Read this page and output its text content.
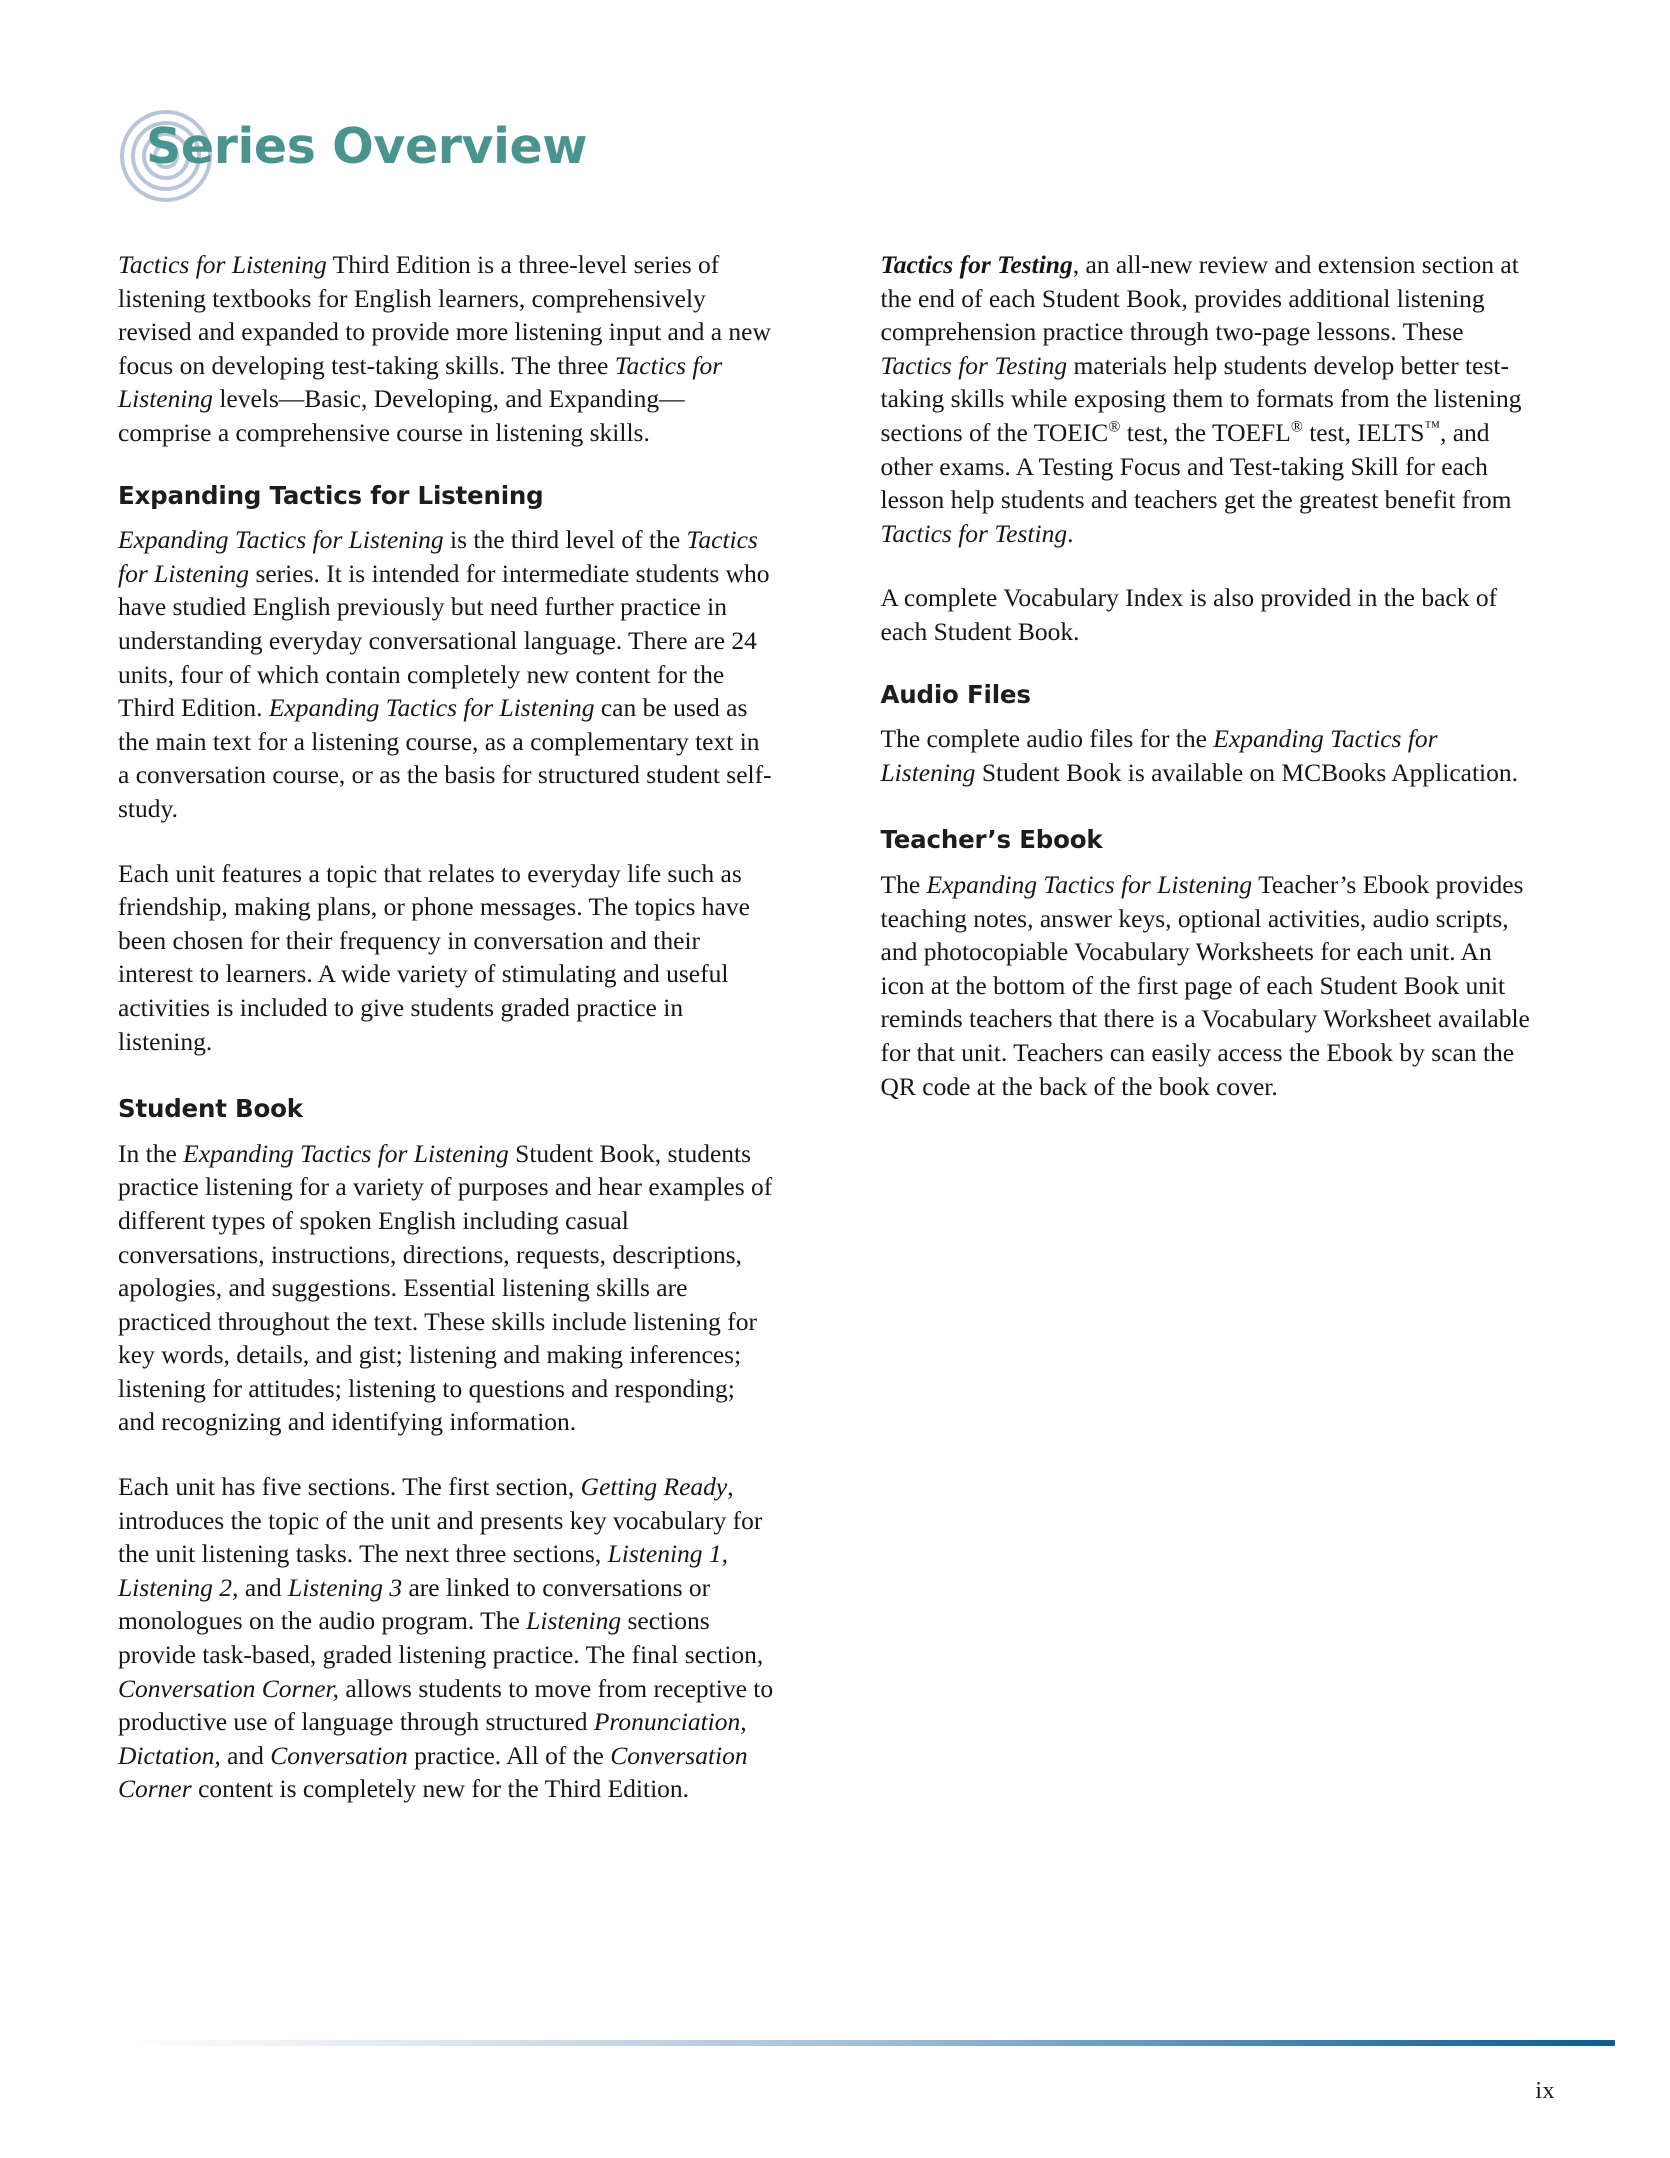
Series Overview

Tactics for Listening Third Edition is a three-level series of listening textbooks for English learners, comprehensively revised and expanded to provide more listening input and a new focus on developing test-taking skills. The three Tactics for Listening levels—Basic, Developing, and Expanding—comprise a comprehensive course in listening skills.

Expanding Tactics for Listening

Expanding Tactics for Listening is the third level of the Tactics for Listening series. It is intended for intermediate students who have studied English previously but need further practice in understanding everyday conversational language. There are 24 units, four of which contain completely new content for the Third Edition. Expanding Tactics for Listening can be used as the main text for a listening course, as a complementary text in a conversation course, or as the basis for structured student self-study.

Each unit features a topic that relates to everyday life such as friendship, making plans, or phone messages. The topics have been chosen for their frequency in conversation and their interest to learners. A wide variety of stimulating and useful activities is included to give students graded practice in listening.

Student Book

In the Expanding Tactics for Listening Student Book, students practice listening for a variety of purposes and hear examples of different types of spoken English including casual conversations, instructions, directions, requests, descriptions, apologies, and suggestions. Essential listening skills are practiced throughout the text. These skills include listening for key words, details, and gist; listening and making inferences; listening for attitudes; listening to questions and responding; and recognizing and identifying information.

Each unit has five sections. The first section, Getting Ready, introduces the topic of the unit and presents key vocabulary for the unit listening tasks. The next three sections, Listening 1, Listening 2, and Listening 3 are linked to conversations or monologues on the audio program. The Listening sections provide task-based, graded listening practice. The final section, Conversation Corner, allows students to move from receptive to productive use of language through structured Pronunciation, Dictation, and Conversation practice. All of the Conversation Corner content is completely new for the Third Edition.

Tactics for Testing, an all-new review and extension section at the end of each Student Book, provides additional listening comprehension practice through two-page lessons. These Tactics for Testing materials help students develop better test-taking skills while exposing them to formats from the listening sections of the TOEIC® test, the TOEFL® test, IELTS™, and other exams. A Testing Focus and Test-taking Skill for each lesson help students and teachers get the greatest benefit from Tactics for Testing.

A complete Vocabulary Index is also provided in the back of each Student Book.

Audio Files

The complete audio files for the Expanding Tactics for Listening Student Book is available on MCBooks Application.

Teacher’s Ebook

The Expanding Tactics for Listening Teacher’s Ebook provides teaching notes, answer keys, optional activities, audio scripts, and photocopiable Vocabulary Worksheets for each unit. An icon at the bottom of the first page of each Student Book unit reminds teachers that there is a Vocabulary Worksheet available for that unit. Teachers can easily access the Ebook by scan the QR code at the back of the book cover.

ix
